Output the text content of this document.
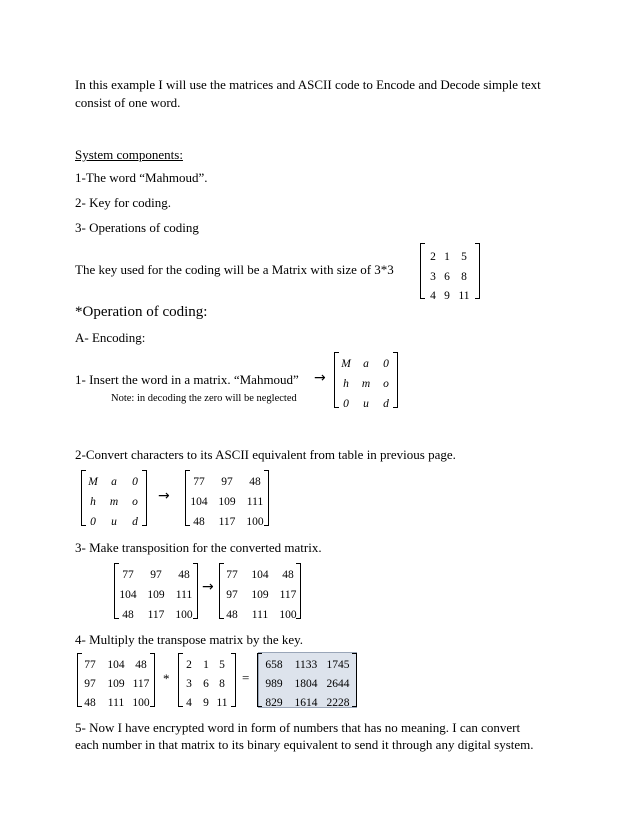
In this example I will use the matrices and ASCII code to Encode and Decode simple text
consist of one word.
System components:
1-The word “Mahmoud”.
2- Key for coding.
3- Operations of coding
The key used for the coding will be a Matrix with size of 3*3
2 1 5
3 6 8
4 9 11
*Operation of coding:
A- Encoding:
1- Insert the word in a matrix. “Mahmoud” →
Note: in decoding the zero will be neglected
M	a	0
h	m	o
0	u	d
2-Convert characters to its ASCII equivalent from table in previous page.
M	a	0
h	m	o
0	u	d
→
77	97	48
104 109 111
48	117 100
3- Make transposition for the converted matrix.
77	97	48
104 109 111
48	117 100
→
77	104	48
97	109 117
48	111 100
4- Multiply the transpose matrix by the key.
77	104 48
97	109 117
48	111 100
*
2 1 5
3 6 8
4 9 11
=
658	1133 1745
989	1804 2644
829	1614 2228
5- Now I have encrypted word in form of numbers that has no meaning. I can convert
each number in that matrix to its binary equivalent to send it through any digital system.
